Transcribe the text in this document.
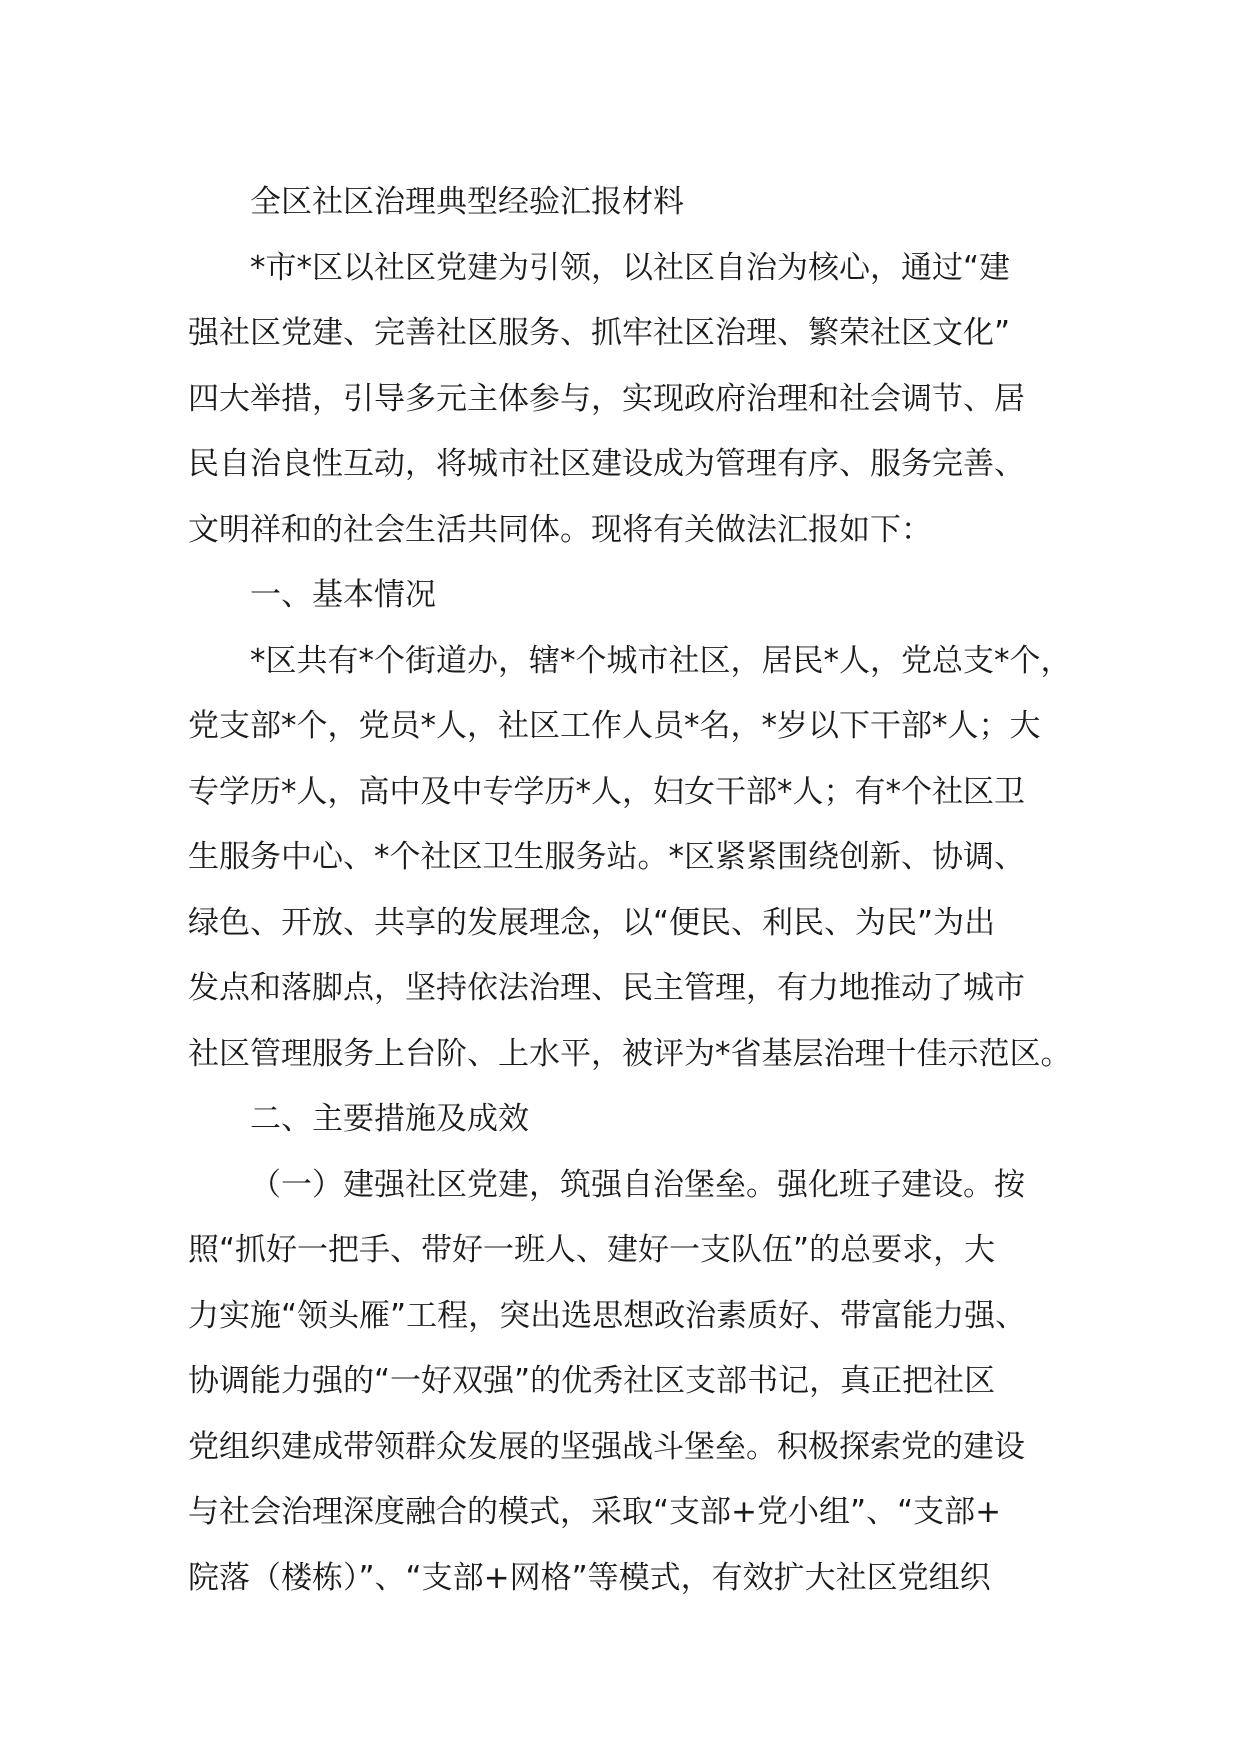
全区社区治理典型经验汇报材料
*市*区以社区党建为引领，以社区自治为核心，通过“建
强社区党建、完善社区服务、抓牢社区治理、繁荣社区文化”
四大举措，引导多元主体参与，实现政府治理和社会调节、居
民自治良性互动，将城市社区建设成为管理有序、服务完善、
文明祥和的社会生活共同体。现将有关做法汇报如下：
一、基本情况
*区共有*个街道办，辖*个城市社区，居民*人，党总支*个，
党支部*个，党员*人，社区工作人员*名，*岁以下干部*人；大
专学历*人，高中及中专学历*人，妇女干部*人；有*个社区卫
生服务中心、*个社区卫生服务站。*区紧紧围绕创新、协调、
绿色、开放、共享的发展理念，以“便民、利民、为民”为出
发点和落脚点，坚持依法治理、民主管理，有力地推动了城市
社区管理服务上台阶、上水平，被评为*省基层治理十佳示范区。
二、主要措施及成效
（一）建强社区党建，筑强自治堡垒。强化班子建设。按
照“抓好一把手、带好一班人、建好一支队伍”的总要求，大
力实施“领头雁”工程，突出选思想政治素质好、带富能力强、
协调能力强的“一好双强”的优秀社区支部书记，真正把社区
党组织建成带领群众发展的坚强战斗堡垒。积极探索党的建设
与社会治理深度融合的模式，采取“支部+党小组”、“支部+
院落（楼栋）”、“支部+网格”等模式，有效扩大社区党组织
